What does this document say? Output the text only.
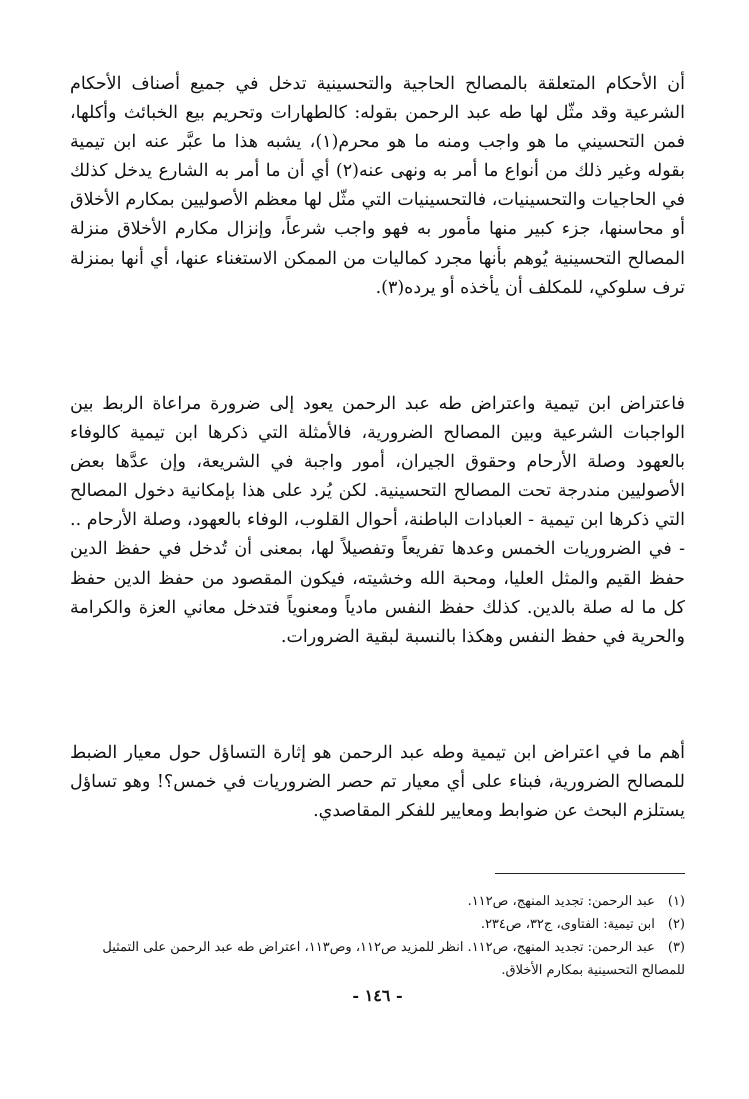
أن الأحكام المتعلقة بالمصالح الحاجية والتحسينية تدخل في جميع أصناف الأحكام الشرعية وقد مثّل لها طه عبد الرحمن بقوله: كالطهارات وتحريم بيع الخبائث وأكلها، فمن التحسيني ما هو واجب ومنه ما هو محرم(١)، يشبه هذا ما عبَّر عنه ابن تيمية بقوله وغير ذلك من أنواع ما أمر به ونهى عنه(٢) أي أن ما أمر به الشارع يدخل كذلك في الحاجيات والتحسينيات، فالتحسينيات التي مثّل لها معظم الأصوليين بمكارم الأخلاق أو محاسنها، جزء كبير منها مأمور به فهو واجب شرعاً، وإنزال مكارم الأخلاق منزلة المصالح التحسينية يُوهم بأنها مجرد كماليات من الممكن الاستغناء عنها، أي أنها بمنزلة ترف سلوكي، للمكلف أن يأخذه أو يرده(٣).

فاعتراض ابن تيمية واعتراض طه عبد الرحمن يعود إلى ضرورة مراعاة الربط بين الواجبات الشرعية وبين المصالح الضرورية، فالأمثلة التي ذكرها ابن تيمية كالوفاء بالعهود وصلة الأرحام وحقوق الجيران، أمور واجبة في الشريعة، وإن عدَّها بعض الأصوليين مندرجة تحت المصالح التحسينية. لكن يُرد على هذا بإمكانية دخول المصالح التي ذكرها ابن تيمية - العبادات الباطنة، أحوال القلوب، الوفاء بالعهود، وصلة الأرحام .. - في الضروريات الخمس وعدها تفريعاً وتفصيلاً لها، بمعنى أن تُدخل في حفظ الدين حفظ القيم والمثل العليا، ومحبة الله وخشيته، فيكون المقصود من حفظ الدين حفظ كل ما له صلة بالدين. كذلك حفظ النفس مادياً ومعنوياً فتدخل معاني العزة والكرامة والحرية في حفظ النفس وهكذا بالنسبة لبقية الضرورات.

أهم ما في اعتراض ابن تيمية وطه عبد الرحمن هو إثارة التساؤل حول معيار الضبط للمصالح الضرورية، فبناء على أي معيار تم حصر الضروريات في خمس؟! وهو تساؤل يستلزم البحث عن ضوابط ومعايير للفكر المقاصدي.

(١) عبد الرحمن: تجديد المنهج، ص١١٢.
(٢) ابن تيمية: الفتاوى، ج٣٢، ص٢٣٤.
(٣) عبد الرحمن: تجديد المنهج، ص١١٢. انظر للمزيد ص١١٢، وص١١٣، اعتراض طه عبد الرحمن على التمثيل للمصالح التحسينية بمكارم الأخلاق.
- ١٤٦ -
